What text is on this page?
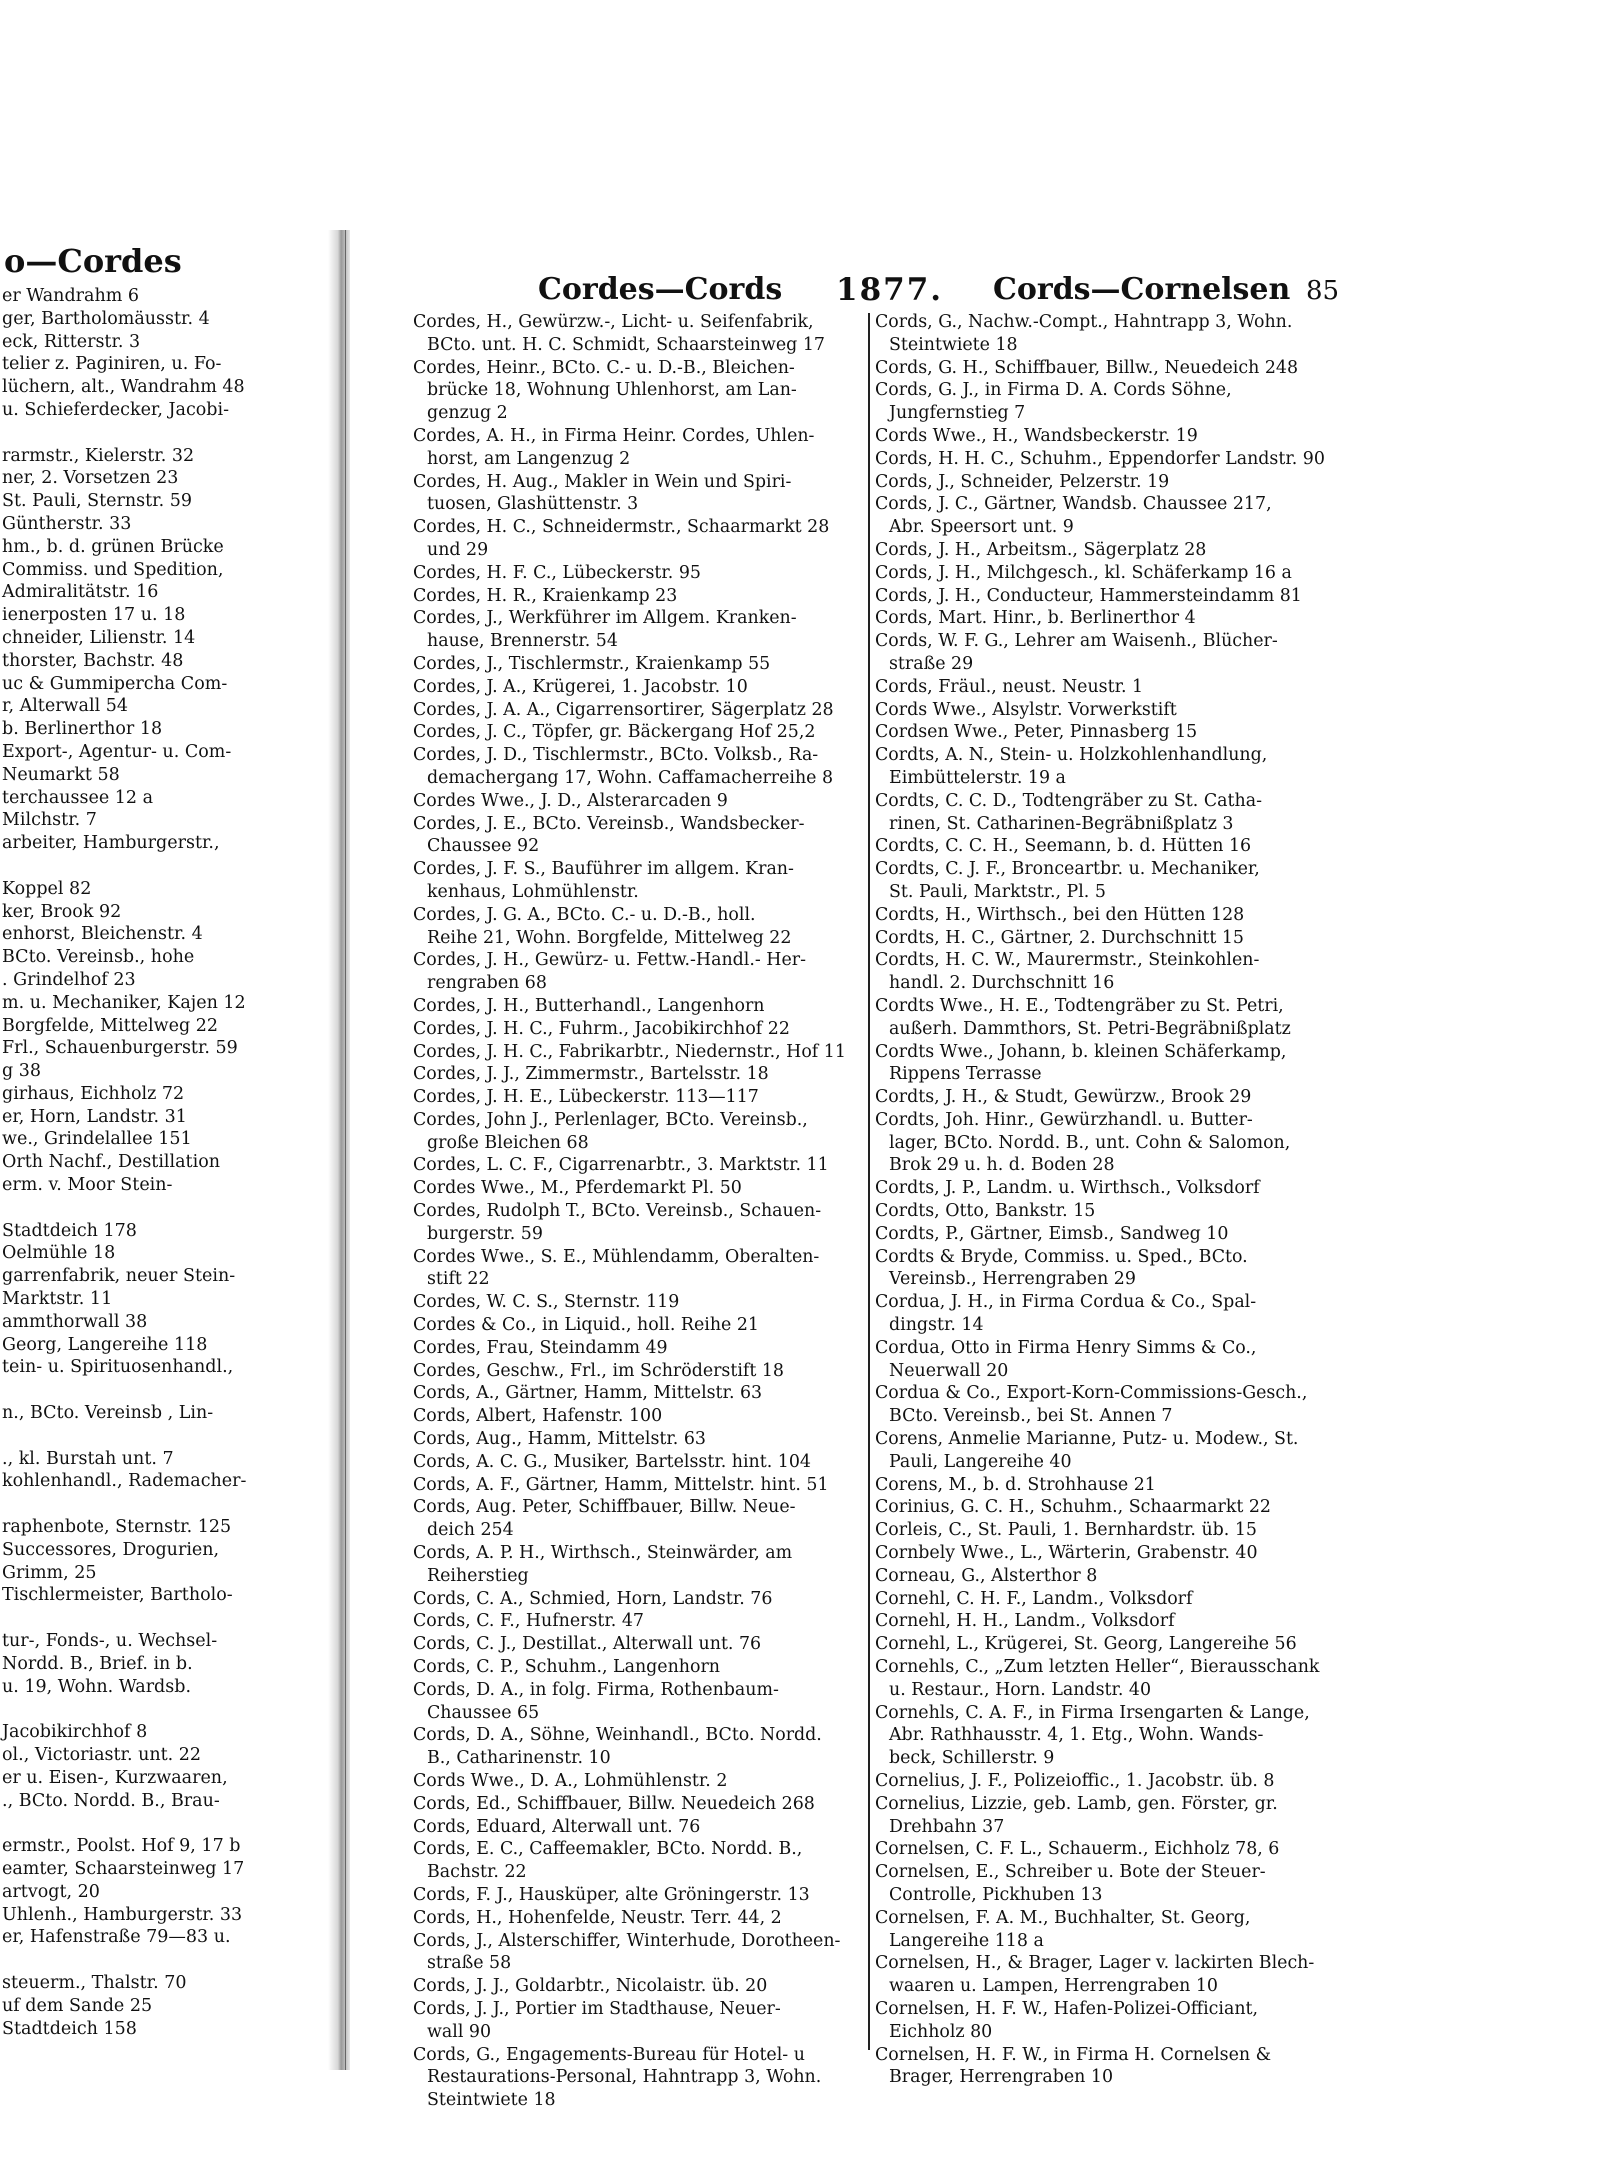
o—Cordes
er Wandrahm 6
ger, Bartholomäusstr. 4
eck, Ritterstr. 3
telier z. Paginiren, u. Fo-
lüchern, alt., Wandrahm 48
u. Schieferdecker, Jacobi-

rarmstr., Kielerstr. 32
ner, 2. Vorsetzen 23
St. Pauli, Sternstr. 59
Güntherstr. 33
hm., b. d. grünen Brücke
Commiss. und Spedition,
Admiralitätstr. 16
ienerposten 17 u. 18
chneider, Lilienstr. 14
thorster, Bachstr. 48
uc & Gummipercha Com-
r, Alterwall 54
b. Berlinerthor 18
Export-, Agentur- u. Com-
Neumarkt 58
terchaussee 12 a
Milchstr. 7
arbeiter, Hamburgerstr.,

Koppel 82
ker, Brook 92
enhorst, Bleichenstr. 4
BCto. Vereinsb., hohe
. Grindelhof 23
m. u. Mechaniker, Kajen 12
Borgfelde, Mittelweg 22
Frl., Schauenburgerstr. 59
g 38
girhaus, Eichholz 72
er, Horn, Landstr. 31
we., Grindelallee 151
Orth Nachf., Destillation
erm. v. Moor Stein-

Stadtdeich 178
Oelmühle 18
garrenfabrik, neuer Stein-
Marktstr. 11
ammthorwall 38
Georg, Langereihe 118
tein- u. Spirituosenhandl.,

n., BCto. Vereinsb , Lin-

., kl. Burstah unt. 7
kohlenhandl., Rademacher-

raphenbote, Sternstr. 125
Successores, Drogurien,
Grimm, 25
Tischlermeister, Bartholo-

tur-, Fonds-, u. Wechsel-
Nordd. B., Brief. in b.
u. 19, Wohn. Wardsb.

Jacobikirchhof 8
ol., Victoriastr. unt. 22
er u. Eisen-, Kurzwaaren,
., BCto. Nordd. B., Brau-

ermstr., Poolst. Hof 9, 17 b
eamter, Schaarsteinweg 17
artvogt, 20
Uhlenh., Hamburgerstr. 33
er, Hafenstraße 79—83 u.

steuerm., Thalstr. 70
uf dem Sande 25
Stadtdeich 158
Cordes—Cords 1877. Cords—Cornelsen 85
Cordes, H., Gewürzw.-, Licht- u. Seifenfabrik,
BCto. unt. H. C. Schmidt, Schaarsteinweg 17
Cordes, Heinr., BCto. C.- u. D.-B., Bleichen-
brücke 18, Wohnung Uhlenhorst, am Lan-
genzug 2
Cordes, A. H., in Firma Heinr. Cordes, Uhlen-
horst, am Langenzug 2
Cordes, H. Aug., Makler in Wein und Spiri-
tuosen, Glashüttenstr. 3
Cordes, H. C., Schneidermstr., Schaarmarkt 28
und 29
Cordes, H. F. C., Lübeckerstr. 95
Cordes, H. R., Kraienkamp 23
Cordes, J., Werkführer im Allgem. Kranken-
hause, Brennerstr. 54
Cordes, J., Tischlermstr., Kraienkamp 55
Cordes, J. A., Krügerei, 1. Jacobstr. 10
Cordes, J. A. A., Cigarrensortirer, Sägerplatz 28
Cordes, J. C., Töpfer, gr. Bäckergang Hof 25,2
Cordes, J. D., Tischlermstr., BCto. Volksb., Ra-
demachergang 17, Wohn. Caffamacherreihe 8
Cordes Wwe., J. D., Alsterarcaden 9
Cordes, J. E., BCto. Vereinsb., Wandsbecker-
Chaussee 92
Cordes, J. F. S., Bauführer im allgem. Kran-
kenhaus, Lohmühlenstr.
Cordes, J. G. A., BCto. C.- u. D.-B., holl.
Reihe 21, Wohn. Borgfelde, Mittelweg 22
Cordes, J. H., Gewürz- u. Fettw.-Handl.- Her-
rengraben 68
Cordes, J. H., Butterhandl., Langenhorn
Cordes, J. H. C., Fuhrm., Jacobikirchhof 22
Cordes, J. H. C., Fabrikarbtr., Niedernstr., Hof 11
Cordes, J. J., Zimmermstr., Bartelsstr. 18
Cordes, J. H. E., Lübeckerstr. 113—117
Cordes, John J., Perlenlager, BCto. Vereinsb.,
große Bleichen 68
Cordes, L. C. F., Cigarrenarbtr., 3. Marktstr. 11
Cordes Wwe., M., Pferdemarkt Pl. 50
Cordes, Rudolph T., BCto. Vereinsb., Schauen-
burgerstr. 59
Cordes Wwe., S. E., Mühlendamm, Oberalten-
stift 22
Cordes, W. C. S., Sternstr. 119
Cordes & Co., in Liquid., holl. Reihe 21
Cordes, Frau, Steindamm 49
Cordes, Geschw., Frl., im Schröderstift 18
Cords, A., Gärtner, Hamm, Mittelstr. 63
Cords, Albert, Hafenstr. 100
Cords, Aug., Hamm, Mittelstr. 63
Cords, A. C. G., Musiker, Bartelsstr. hint. 104
Cords, A. F., Gärtner, Hamm, Mittelstr. hint. 51
Cords, Aug. Peter, Schiffbauer, Billw. Neue-
deich 254
Cords, A. P. H., Wirthsch., Steinwärder, am
Reiherstieg
Cords, C. A., Schmied, Horn, Landstr. 76
Cords, C. F., Hufnerstr. 47
Cords, C. J., Destillat., Alterwall unt. 76
Cords, C. P., Schuhm., Langenhorn
Cords, D. A., in folg. Firma, Rothenbaum-
Chaussee 65
Cords, D. A., Söhne, Weinhandl., BCto. Nordd.
B., Catharinenstr. 10
Cords Wwe., D. A., Lohmühlenstr. 2
Cords, Ed., Schiffbauer, Billw. Neuedeich 268
Cords, Eduard, Alterwall unt. 76
Cords, E. C., Caffeemakler, BCto. Nordd. B.,
Bachstr. 22
Cords, F. J., Hausküper, alte Gröningerstr. 13
Cords, H., Hohenfelde, Neustr. Terr. 44, 2
Cords, J., Alsterschiffer, Winterhude, Dorotheen-
straße 58
Cords, J. J., Goldarbtr., Nicolaistr. üb. 20
Cords, J. J., Portier im Stadthause, Neuer-
wall 90
Cords, G., Engagements-Bureau für Hotel- u
Restaurations-Personal, Hahntrapp 3, Wohn.
Steintwiete 18
Cords, G., Nachw.-Compt., Hahntrapp 3, Wohn.
Steintwiete 18
Cords, G. H., Schiffbauer, Billw., Neuedeich 248
Cords, G. J., in Firma D. A. Cords Söhne,
Jungfernstieg 7
Cords Wwe., H., Wandsbeckerstr. 19
Cords, H. H. C., Schuhm., Eppendorfer Landstr. 90
Cords, J., Schneider, Pelzerstr. 19
Cords, J. C., Gärtner, Wandsb. Chaussee 217,
Abr. Speersort unt. 9
Cords, J. H., Arbeitsm., Sägerplatz 28
Cords, J. H., Milchgesch., kl. Schäferkamp 16 a
Cords, J. H., Conducteur, Hammersteindamm 81
Cords, Mart. Hinr., b. Berlinerthor 4
Cords, W. F. G., Lehrer am Waisenh., Blücher-
straße 29
Cords, Fräul., neust. Neustr. 1
Cords Wwe., Alsylstr. Vorwerkstift
Cordsen Wwe., Peter, Pinnasberg 15
Cordts, A. N., Stein- u. Holzkohlenhandlung,
Eimbüttelerstr. 19 a
Cordts, C. C. D., Todtengräber zu St. Catha-
rinen, St. Catharinen-Begräbnißplatz 3
Cordts, C. C. H., Seemann, b. d. Hütten 16
Cordts, C. J. F., Bronceartbr. u. Mechaniker,
St. Pauli, Marktstr., Pl. 5
Cordts, H., Wirthsch., bei den Hütten 128
Cordts, H. C., Gärtner, 2. Durchschnitt 15
Cordts, H. C. W., Maurermstr., Steinkohlen-
handl. 2. Durchschnitt 16
Cordts Wwe., H. E., Todtengräber zu St. Petri,
außerh. Dammthors, St. Petri-Begräbnißplatz
Cordts Wwe., Johann, b. kleinen Schäferkamp,
Rippens Terrasse
Cordts, J. H., & Studt, Gewürzw., Brook 29
Cordts, Joh. Hinr., Gewürzhandl. u. Butter-
lager, BCto. Nordd. B., unt. Cohn & Salomon,
Brok 29 u. h. d. Boden 28
Cordts, J. P., Landm. u. Wirthsch., Volksdorf
Cordts, Otto, Bankstr. 15
Cordts, P., Gärtner, Eimsb., Sandweg 10
Cordts & Bryde, Commiss. u. Sped., BCto.
Vereinsb., Herrengraben 29
Cordua, J. H., in Firma Cordua & Co., Spal-
dingstr. 14
Cordua, Otto in Firma Henry Simms & Co.,
Neuerwall 20
Cordua & Co., Export-Korn-Commissions-Gesch.,
BCto. Vereinsb., bei St. Annen 7
Corens, Anmelie Marianne, Putz- u. Modew., St.
Pauli, Langereihe 40
Corens, M., b. d. Strohhause 21
Corinius, G. C. H., Schuhm., Schaarmarkt 22
Corleis, C., St. Pauli, 1. Bernhardstr. üb. 15
Cornbely Wwe., L., Wärterin, Grabenstr. 40
Corneau, G., Alsterthor 8
Cornehl, C. H. F., Landm., Volksdorf
Cornehl, H. H., Landm., Volksdorf
Cornehl, L., Krügerei, St. Georg, Langereihe 56
Cornehls, C., „Zum letzten Heller“, Bierausschank
u. Restaur., Horn. Landstr. 40
Cornehls, C. A. F., in Firma Irsengarten & Lange,
Abr. Rathhausstr. 4, 1. Etg., Wohn. Wands-
beck, Schillerstr. 9
Cornelius, J. F., Polizeioffic., 1. Jacobstr. üb. 8
Cornelius, Lizzie, geb. Lamb, gen. Förster, gr.
Drehbahn 37
Cornelsen, C. F. L., Schauerm., Eichholz 78, 6
Cornelsen, E., Schreiber u. Bote der Steuer-
Controlle, Pickhuben 13
Cornelsen, F. A. M., Buchhalter, St. Georg,
Langereihe 118 a
Cornelsen, H., & Brager, Lager v. lackirten Blech-
waaren u. Lampen, Herrengraben 10
Cornelsen, H. F. W., Hafen-Polizei-Officiant,
Eichholz 80
Cornelsen, H. F. W., in Firma H. Cornelsen &
Brager, Herrengraben 10
